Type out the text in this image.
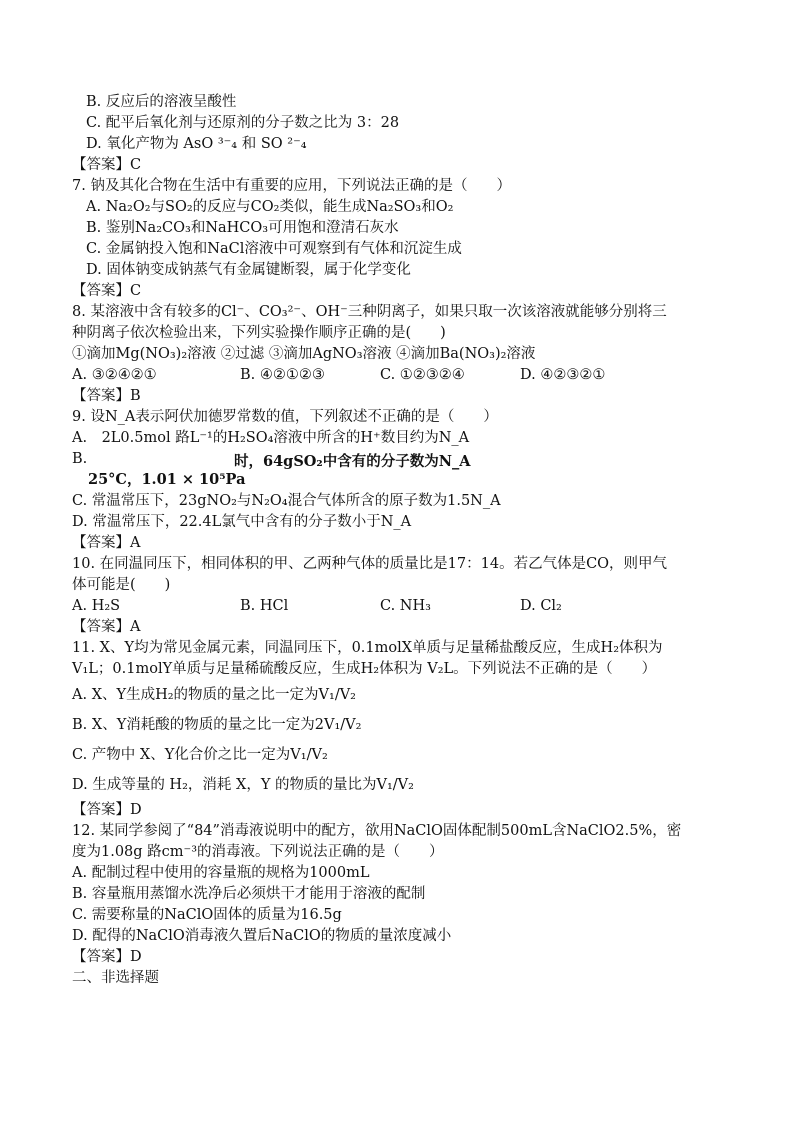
B. 反应后的溶液呈酸性
C. 配平后氧化剂与还原剂的分子数之比为 3：28
D. 氧化产物为 AsO ³⁻₄ 和 SO ²⁻₄
【答案】C
7. 钠及其化合物在生活中有重要的应用，下列说法正确的是（　　）
A. Na₂O₂与SO₂的反应与CO₂类似，能生成Na₂SO₃和O₂
B. 鉴别Na₂CO₃和NaHCO₃可用饱和澄清石灰水
C. 金属钠投入饱和NaCl溶液中可观察到有气体和沉淀生成
D. 固体钠变成钠蒸气有金属键断裂，属于化学变化
【答案】C
8. 某溶液中含有较多的Cl⁻、CO₃²⁻、OH⁻三种阴离子，如果只取一次该溶液就能够分别将三
种阴离子依次检验出来，下列实验操作顺序正确的是(　　)
①滴加Mg(NO₃)₂溶液 ②过滤 ③滴加AgNO₃溶液 ④滴加Ba(NO₃)₂溶液
A. ③②④②①	B. ④②①②③	C. ①②③②④	D. ④②③②①
【答案】B
9. 设N_A表示阿伏加德罗常数的值，下列叙述不正确的是（　　）
A.　2L0.5mol 路L⁻¹的H₂SO₄溶液中所含的H⁺数目约为N_A
B.
25°C，1.01 × 10⁵Pa
时，64gSO₂中含有的分子数为N_A
C. 常温常压下，23gNO₂与N₂O₄混合气体所含的原子数为1.5N_A
D. 常温常压下，22.4L氯气中含有的分子数小于N_A
【答案】A
10. 在同温同压下，相同体积的甲、乙两种气体的质量比是17：14。若乙气体是CO，则甲气
体可能是(　　)
A. H₂S	B. HCl	C. NH₃	D. Cl₂
【答案】A
11. X、Y均为常见金属元素，同温同压下，0.1molX单质与足量稀盐酸反应，生成H₂体积为
V₁L；0.1molY单质与足量稀硫酸反应，生成H₂体积为 V₂L。下列说法不正确的是（　　）
A. X、Y生成H₂的物质的量之比一定为V₁/V₂
B. X、Y消耗酸的物质的量之比一定为2V₁/V₂
C. 产物中 X、Y化合价之比一定为V₁/V₂
D. 生成等量的 H₂，消耗 X，Y 的物质的量比为V₁/V₂
【答案】D
12. 某同学参阅了“84”消毒液说明中的配方，欲用NaClO固体配制500mL含NaClO2.5%，密
度为1.08g 路cm⁻³的消毒液。下列说法正确的是（　　）
A. 配制过程中使用的容量瓶的规格为1000mL
B. 容量瓶用蒸馏水洗净后必须烘干才能用于溶液的配制
C. 需要称量的NaClO固体的质量为16.5g
D. 配得的NaClO消毒液久置后NaClO的物质的量浓度减小
【答案】D
二、非选择题
